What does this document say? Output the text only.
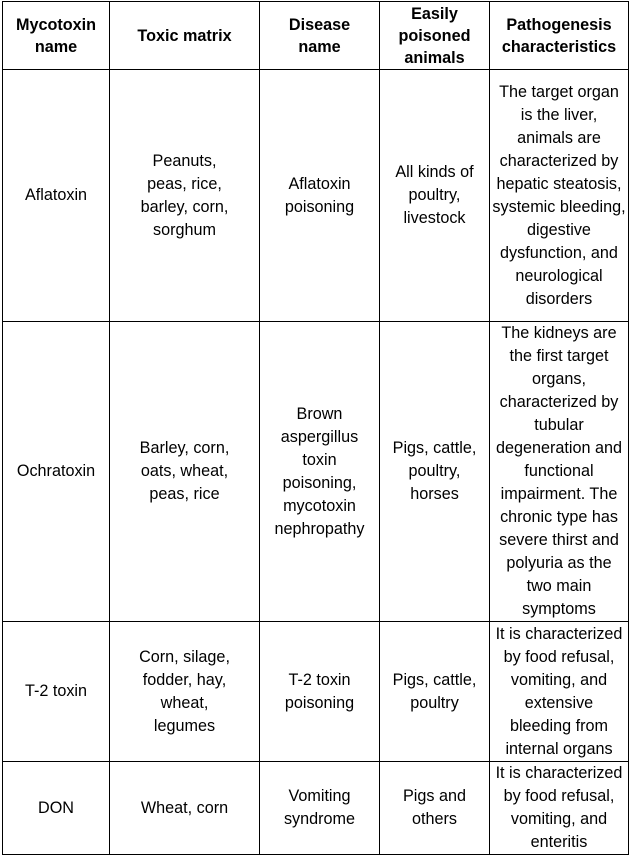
Mycotoxin name	Toxic matrix	Disease name	Easily poisoned animals	Pathogenesis characteristics

Aflatoxin	Peanuts, peas, rice, barley, corn, sorghum	Aflatoxin poisoning	All kinds of poultry, livestock	The target organ is the liver, animals are characterized by hepatic steatosis, systemic bleeding, digestive dysfunction, and neurological disorders

Ochratoxin	Barley, corn, oats, wheat, peas, rice	Brown aspergillus toxin poisoning, mycotoxin nephropathy	Pigs, cattle, poultry, horses	The kidneys are the first target organs, characterized by tubular degeneration and functional impairment. The chronic type has severe thirst and polyuria as the two main symptoms

T-2 toxin	Corn, silage, fodder, hay, wheat, legumes	T-2 toxin poisoning	Pigs, cattle, poultry	It is characterized by food refusal, vomiting, and extensive bleeding from internal organs

DON	Wheat, corn	Vomiting syndrome	Pigs and others	It is characterized by food refusal, vomiting, and enteritis
